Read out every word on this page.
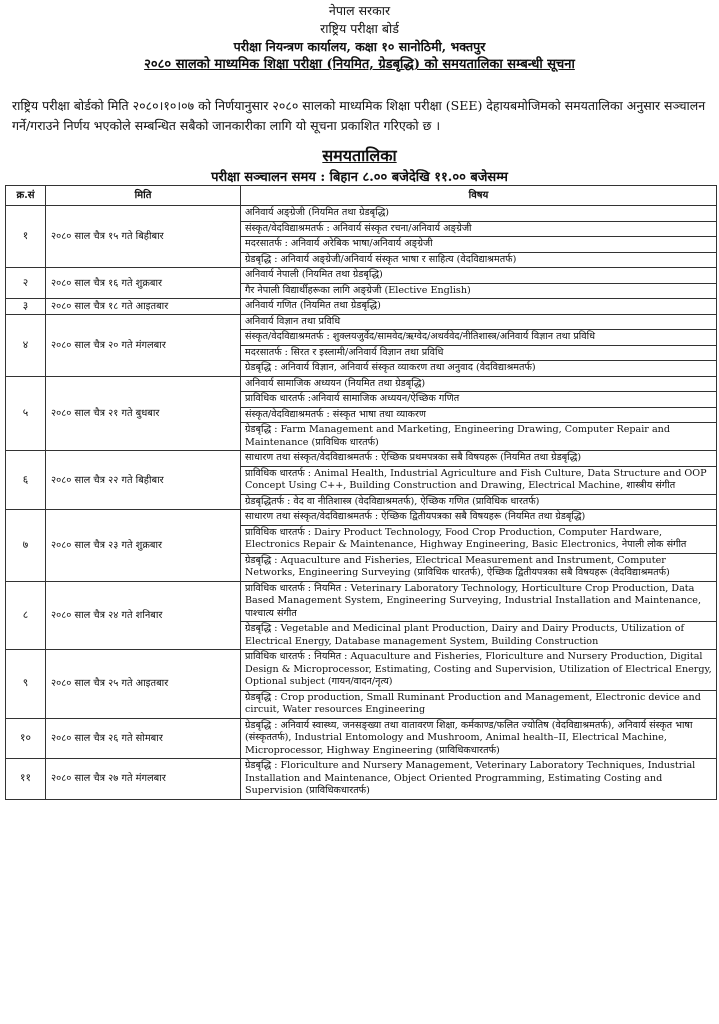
नेपाल सरकार
राष्ट्रिय परीक्षा बोर्ड
परीक्षा नियन्त्रण कार्यालय, कक्षा १० सानोठिमी, भक्तपुर
२०८० सालको माध्यमिक शिक्षा परीक्षा (नियमित, ग्रेडबृद्धि) को समयतालिका सम्बन्धी सूचना

राष्ट्रिय परीक्षा बोर्डको मिति २०८०।१०।०७ को निर्णयानुसार २०८० सालको माध्यमिक शिक्षा परीक्षा (SEE) देहायबमोजिमको समयतालिका अनुसार सञ्चालन गर्ने/गराउने निर्णय भएकोले सम्बन्धित सबैको जानकारीका लागि यो सूचना प्रकाशित गरिएको छ ।

समयतालिका
परीक्षा सञ्चालन समय : बिहान ८.०० बजेदेखि ११.०० बजेसम्म
क्र.सं	मिति	विषय
१	२०८० साल चैत्र १५ गते बिहीबार	अनिवार्य अङ्ग्रेजी (नियमित तथा ग्रेडबृद्धि)
संस्कृत/वेदविद्याश्रमतर्फ : अनिवार्य संस्कृत रचना/अनिवार्य अङ्ग्रेजी
मदरसातर्फ : अनिवार्य अरेबिक भाषा/अनिवार्य अङ्ग्रेजी
ग्रेडबृद्धि : अनिवार्य अङ्ग्रेजी/अनिवार्य संस्कृत भाषा र साहित्य (वेदविद्याश्रमतर्फ)

२	२०८० साल चैत्र १६ गते शुक्रबार	अनिवार्य नेपाली (नियमित तथा ग्रेडबृद्धि)
गैर नेपाली विद्यार्थीहरूका लागि अङ्ग्रेजी (Elective English)

३	२०८० साल चैत्र १८ गते आइतबार	अनिवार्य गणित (नियमित तथा ग्रेडबृद्धि)

४	२०८० साल चैत्र २० गते मंगलबार	अनिवार्य विज्ञान तथा प्रविधि
संस्कृत/वेदविद्याश्रमतर्फ : शुक्लयजुर्वेद/सामवेद/ऋग्वेद/अथर्ववेद/नीतिशास्त्र/अनिवार्य विज्ञान तथा प्रविधि
मदरसातर्फ : सिरत र इस्लामी/अनिवार्य विज्ञान तथा प्रविधि
ग्रेडबृद्धि : अनिवार्य विज्ञान, अनिवार्य संस्कृत व्याकरण तथा अनुवाद (वेदविद्याश्रमतर्फ)

५	२०८० साल चैत्र २१ गते बुधबार	अनिवार्य सामाजिक अध्ययन (नियमित तथा ग्रेडबृद्धि)
प्राविधिक धारतर्फ :अनिवार्य सामाजिक अध्ययन/ऐच्छिक गणित
संस्कृत/वेदविद्याश्रमतर्फ : संस्कृत भाषा तथा व्याकरण
ग्रेडबृद्धि : Farm Management and Marketing, Engineering Drawing, Computer Repair and Maintenance (प्राविधिक धारतर्फ)

६	२०८० साल चैत्र २२ गते बिहीबार	साधारण तथा संस्कृत/वेदविद्याश्रमतर्फ : ऐच्छिक प्रथमपत्रका सबै विषयहरू (नियमित तथा ग्रेडबृद्धि)
प्राविधिक धारतर्फ : Animal Health, Industrial Agriculture and Fish Culture, Data Structure and OOP Concept Using C++, Building Construction and Drawing, Electrical Machine, शास्त्रीय संगीत
ग्रेडबृद्धितर्फ : वेद वा नीतिशास्त्र (वेदविद्याश्रमतर्फ), ऐच्छिक गणित (प्राविधिक धारतर्फ)

७	२०८० साल चैत्र २३ गते शुक्रबार	साधारण तथा संस्कृत/वेदविद्याश्रमतर्फ : ऐच्छिक द्वितीयपत्रका सबै विषयहरू (नियमित तथा ग्रेडबृद्धि)
प्राविधिक धारतर्फ : Dairy Product Technology, Food Crop Production, Computer Hardware, Electronics Repair & Maintenance, Highway Engineering, Basic Electronics, नेपाली लोक संगीत
ग्रेडबृद्धि : Aquaculture and Fisheries, Electrical Measurement and Instrument, Computer Networks, Engineering Surveying (प्राविधिक धारतर्फ), ऐच्छिक द्वितीयपत्रका सबै विषयहरू (वेदविद्याश्रमतर्फ)

८	२०८० साल चैत्र २४ गते शनिबार	प्राविधिक धारतर्फ : नियमित : Veterinary Laboratory Technology, Horticulture Crop Production, Data Based Management System, Engineering Surveying, Industrial Installation and Maintenance, पाश्चात्य संगीत
ग्रेडबृद्धि : Vegetable and Medicinal plant Production, Dairy and Dairy Products, Utilization of Electrical Energy, Database management System, Building Construction

९	२०८० साल चैत्र २५ गते आइतबार	प्राविधिक धारतर्फ : नियमित : Aquaculture and Fisheries, Floriculture and Nursery Production, Digital Design & Microprocessor, Estimating, Costing and Supervision, Utilization of Electrical Energy, Optional subject (गायन/वादन/नृत्य)
ग्रेडबृद्धि : Crop production, Small Ruminant Production and Management, Electronic device and circuit, Water resources Engineering

१०	२०८० साल चैत्र २६ गते सोमबार	ग्रेडबृद्धि : अनिवार्य स्वास्थ्य, जनसङ्ख्या तथा वातावरण शिक्षा, कर्मकाण्ड/फलित ज्योतिष (वेदविद्याश्रमतर्फ), अनिवार्य संस्कृत भाषा (संस्कृततर्फ), Industrial Entomology and Mushroom, Animal health–II, Electrical Machine, Microprocessor, Highway Engineering (प्राविधिकधारतर्फ)

११	२०८० साल चैत्र २७ गते मंगलबार	ग्रेडबृद्धि : Floriculture and Nursery Management, Veterinary Laboratory Techniques, Industrial Installation and Maintenance, Object Oriented Programming, Estimating Costing and Supervision (प्राविधिकधारतर्फ)
